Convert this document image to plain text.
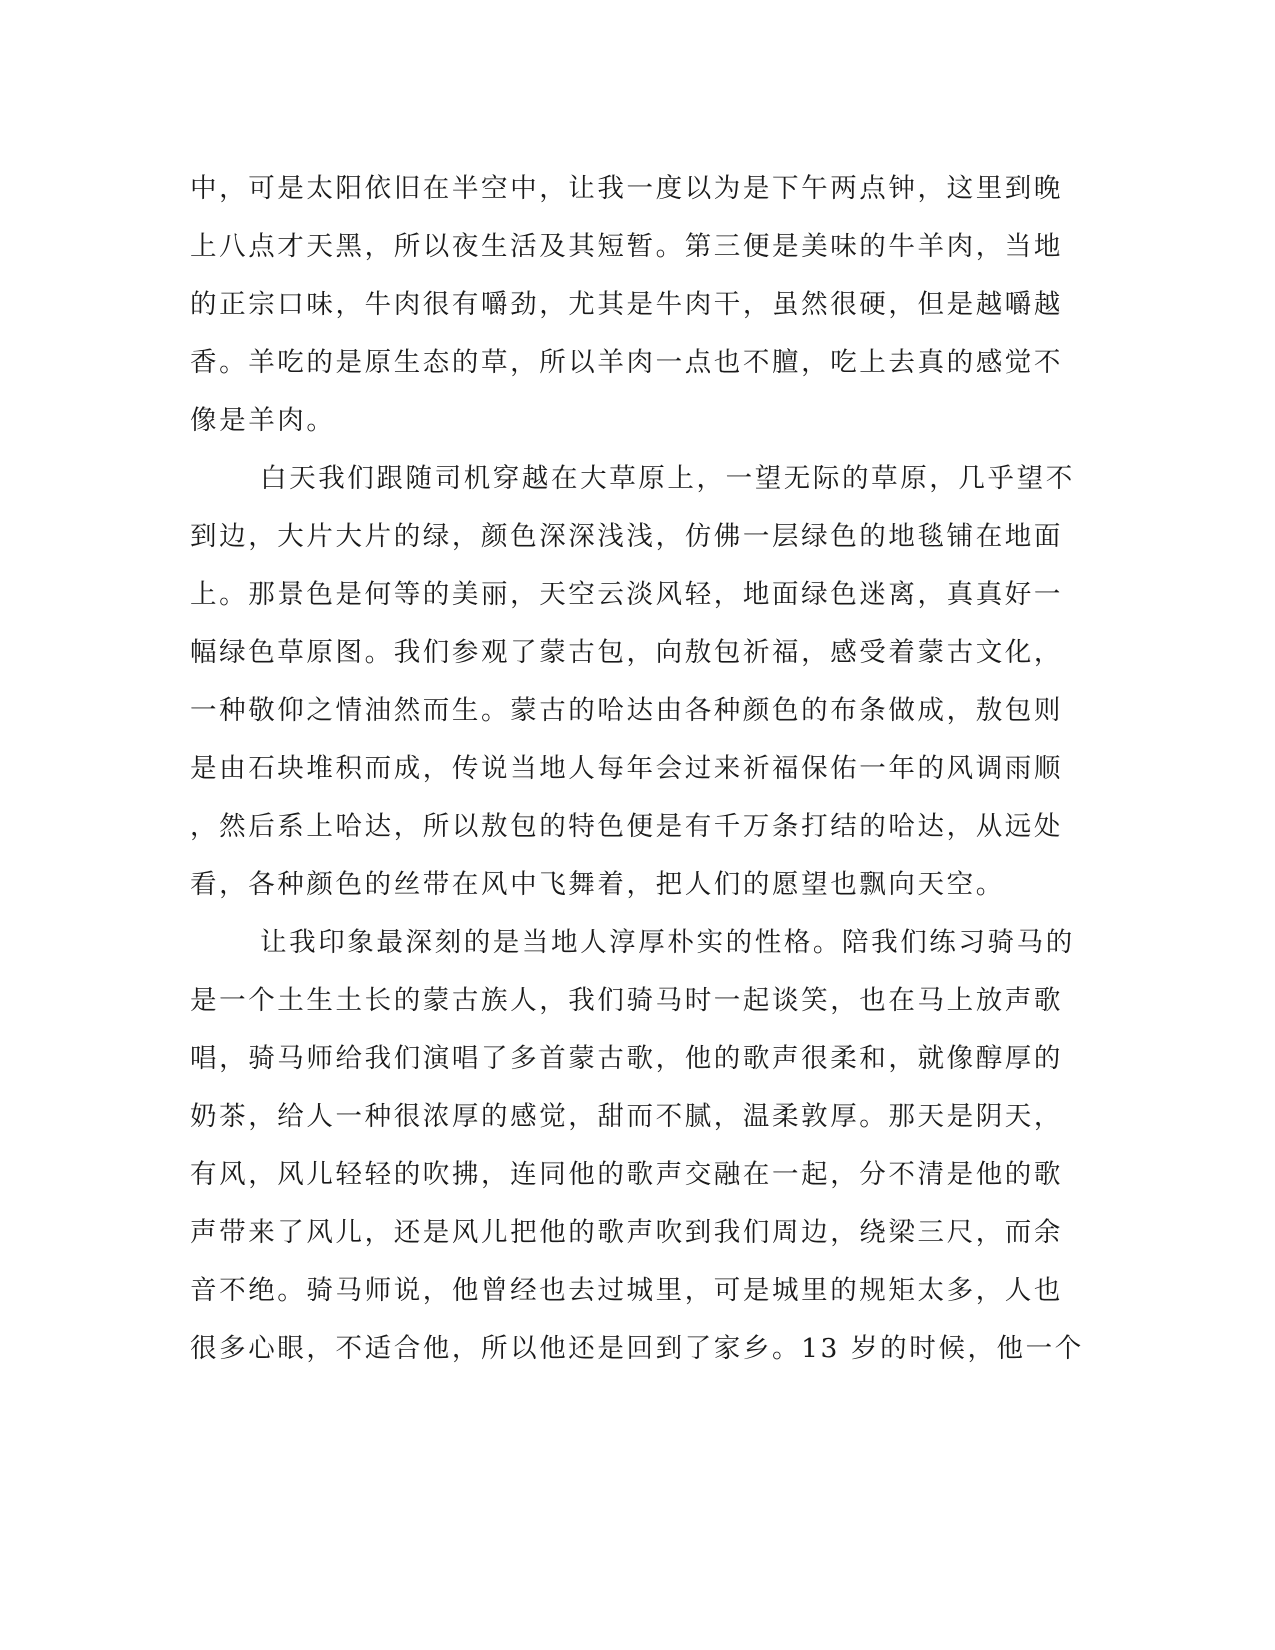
中，可是太阳依旧在半空中，让我一度以为是下午两点钟，这里到晚
上八点才天黑，所以夜生活及其短暂。第三便是美味的牛羊肉，当地
的正宗口味，牛肉很有嚼劲，尤其是牛肉干，虽然很硬，但是越嚼越
香。羊吃的是原生态的草，所以羊肉一点也不膻，吃上去真的感觉不
像是羊肉。
白天我们跟随司机穿越在大草原上，一望无际的草原，几乎望不
到边，大片大片的绿，颜色深深浅浅，仿佛一层绿色的地毯铺在地面
上。那景色是何等的美丽，天空云淡风轻，地面绿色迷离，真真好一
幅绿色草原图。我们参观了蒙古包，向敖包祈福，感受着蒙古文化，
一种敬仰之情油然而生。蒙古的哈达由各种颜色的布条做成，敖包则
是由石块堆积而成，传说当地人每年会过来祈福保佑一年的风调雨顺
，然后系上哈达，所以敖包的特色便是有千万条打结的哈达，从远处
看，各种颜色的丝带在风中飞舞着，把人们的愿望也飘向天空。
让我印象最深刻的是当地人淳厚朴实的性格。陪我们练习骑马的
是一个土生土长的蒙古族人，我们骑马时一起谈笑，也在马上放声歌
唱，骑马师给我们演唱了多首蒙古歌，他的歌声很柔和，就像醇厚的
奶茶，给人一种很浓厚的感觉，甜而不腻，温柔敦厚。那天是阴天，
有风，风儿轻轻的吹拂，连同他的歌声交融在一起，分不清是他的歌
声带来了风儿，还是风儿把他的歌声吹到我们周边，绕梁三尺，而余
音不绝。骑马师说，他曾经也去过城里，可是城里的规矩太多，人也
很多心眼，不适合他，所以他还是回到了家乡。13 岁的时候，他一个
